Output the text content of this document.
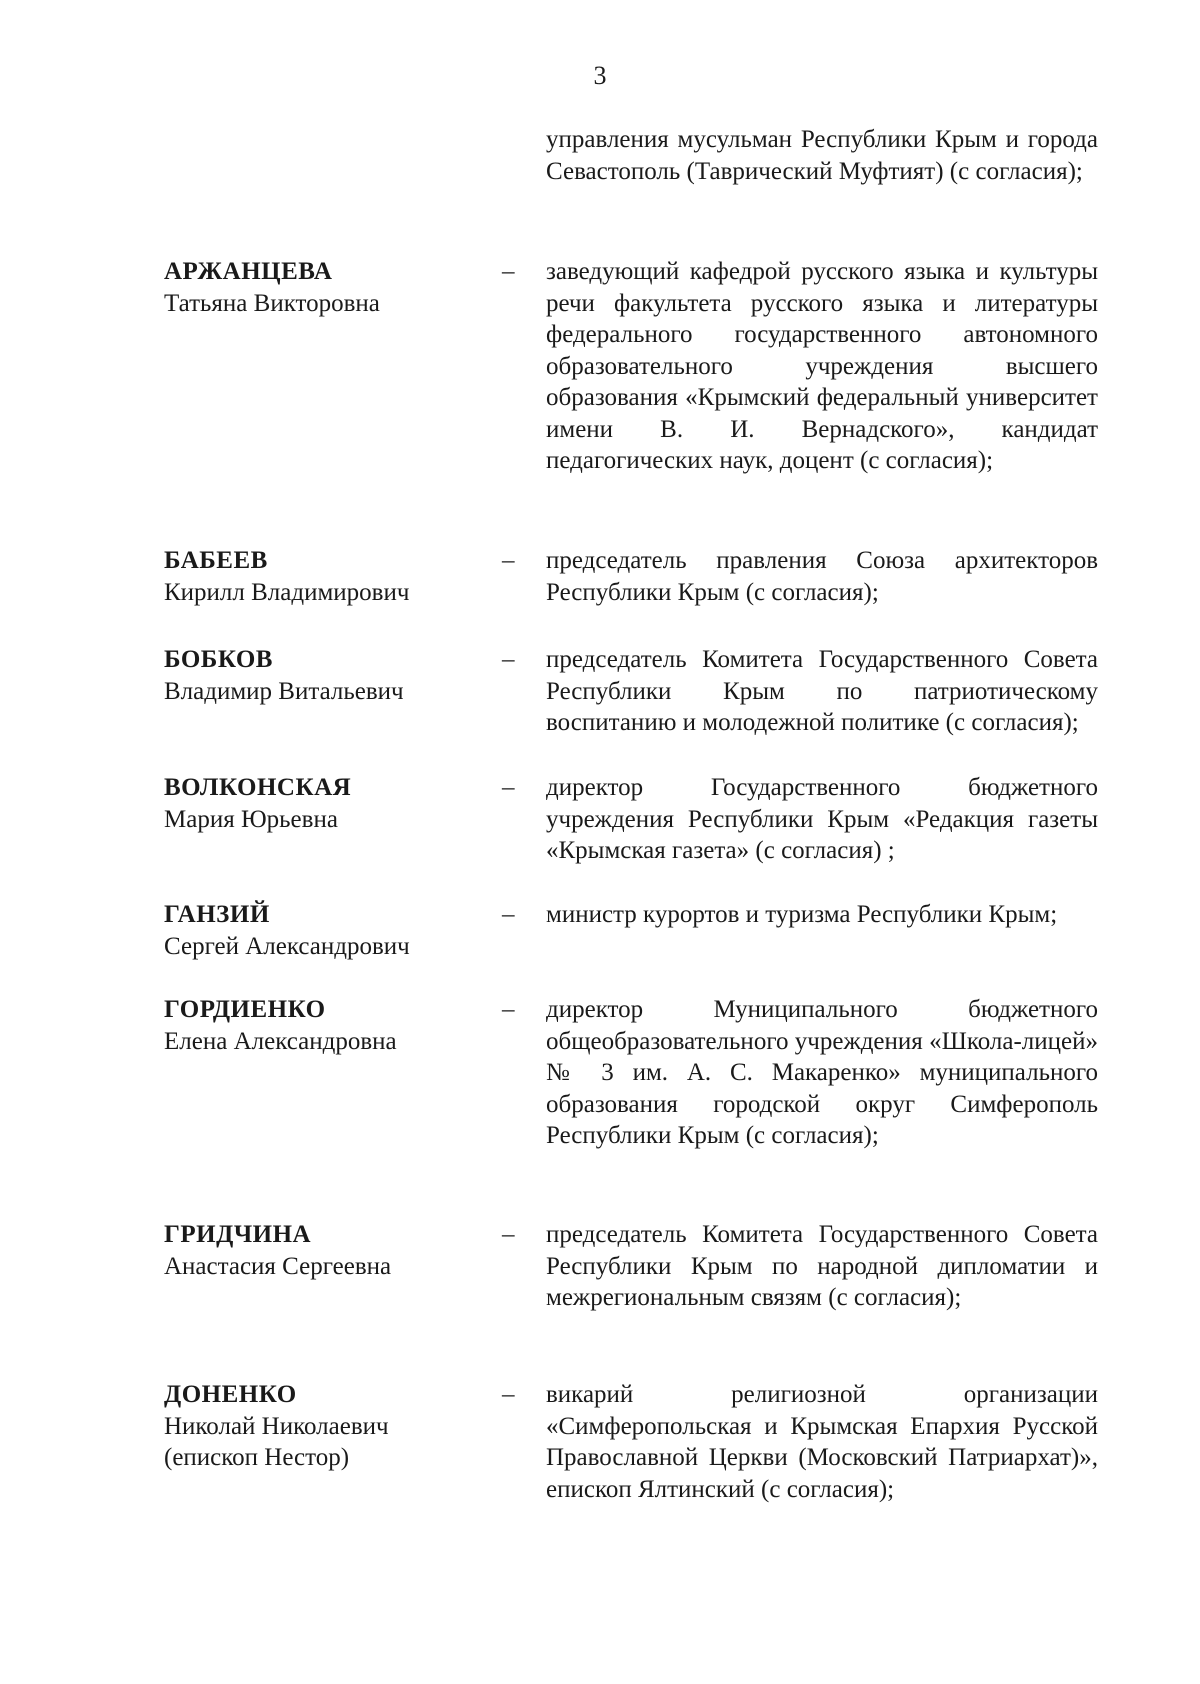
3
управления мусульман Республики Крым и города Севастополь (Таврический Муфтият) (с согласия);
АРЖАНЦЕВА
Татьяна Викторовна
– заведующий кафедрой русского языка и культуры речи факультета русского языка и литературы федерального государственного автономного образовательного учреждения высшего образования «Крымский федеральный университет имени В. И. Вернадского», кандидат педагогических наук, доцент (с согласия);
БАБЕЕВ
Кирилл Владимирович
– председатель правления Союза архитекторов Республики Крым (с согласия);
БОБКОВ
Владимир Витальевич
– председатель Комитета Государственного Совета Республики Крым по патриотическому воспитанию и молодежной политике (с согласия);
ВОЛКОНСКАЯ
Мария Юрьевна
– директор Государственного бюджетного учреждения Республики Крым «Редакция газеты «Крымская газета» (с согласия) ;
ГАНЗИЙ
Сергей Александрович
– министр курортов и туризма Республики Крым;
ГОРДИЕНКО
Елена Александровна
– директор Муниципального бюджетного общеобразовательного учреждения «Школа-лицей» № 3 им. А. С. Макаренко» муниципального образования городской округ Симферополь Республики Крым (с согласия);
ГРИДЧИНА
Анастасия Сергеевна
– председатель Комитета Государственного Совета Республики Крым по народной дипломатии и межрегиональным связям (с согласия);
ДОНЕНКО
Николай Николаевич
(епископ Нестор)
– викарий религиозной организации «Симферопольская и Крымская Епархия Русской Православной Церкви (Московский Патриархат)», епископ Ялтинский (с согласия);
